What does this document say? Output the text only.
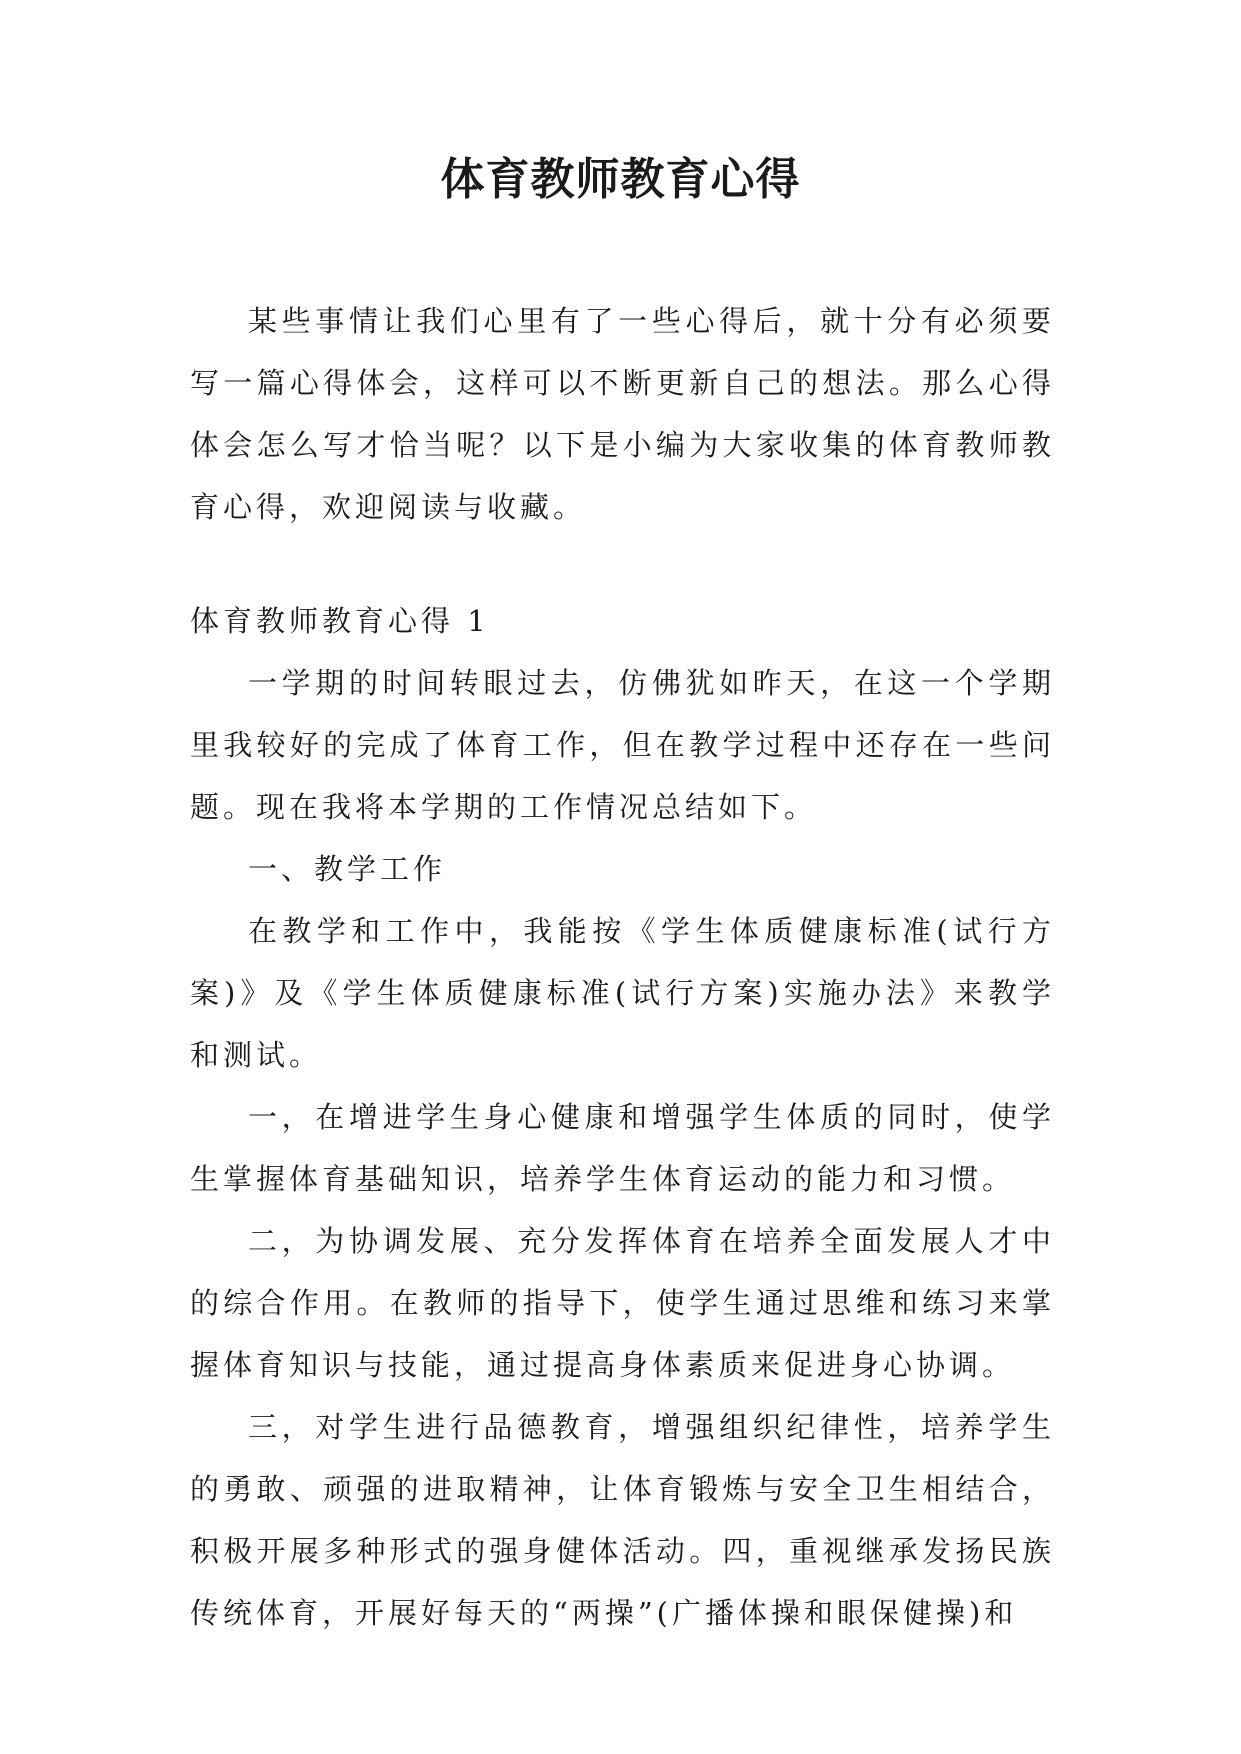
体育教师教育心得

某些事情让我们心里有了一些心得后，就十分有必须要写一篇心得体会，这样可以不断更新自己的想法。那么心得体会怎么写才恰当呢？以下是小编为大家收集的体育教师教育心得，欢迎阅读与收藏。

体育教师教育心得 1

一学期的时间转眼过去，仿佛犹如昨天，在这一个学期里我较好的完成了体育工作，但在教学过程中还存在一些问题。现在我将本学期的工作情况总结如下。

一、教学工作

在教学和工作中，我能按《学生体质健康标准(试行方案)》及《学生体质健康标准(试行方案)实施办法》来教学和测试。

一，在增进学生身心健康和增强学生体质的同时，使学生掌握体育基础知识，培养学生体育运动的能力和习惯。

二，为协调发展、充分发挥体育在培养全面发展人才中的综合作用。在教师的指导下，使学生通过思维和练习来掌握体育知识与技能，通过提高身体素质来促进身心协调。

三，对学生进行品德教育，增强组织纪律性，培养学生的勇敢、顽强的进取精神，让体育锻炼与安全卫生相结合，积极开展多种形式的强身健体活动。四，重视继承发扬民族传统体育，开展好每天的“两操”(广播体操和眼保健操)和
